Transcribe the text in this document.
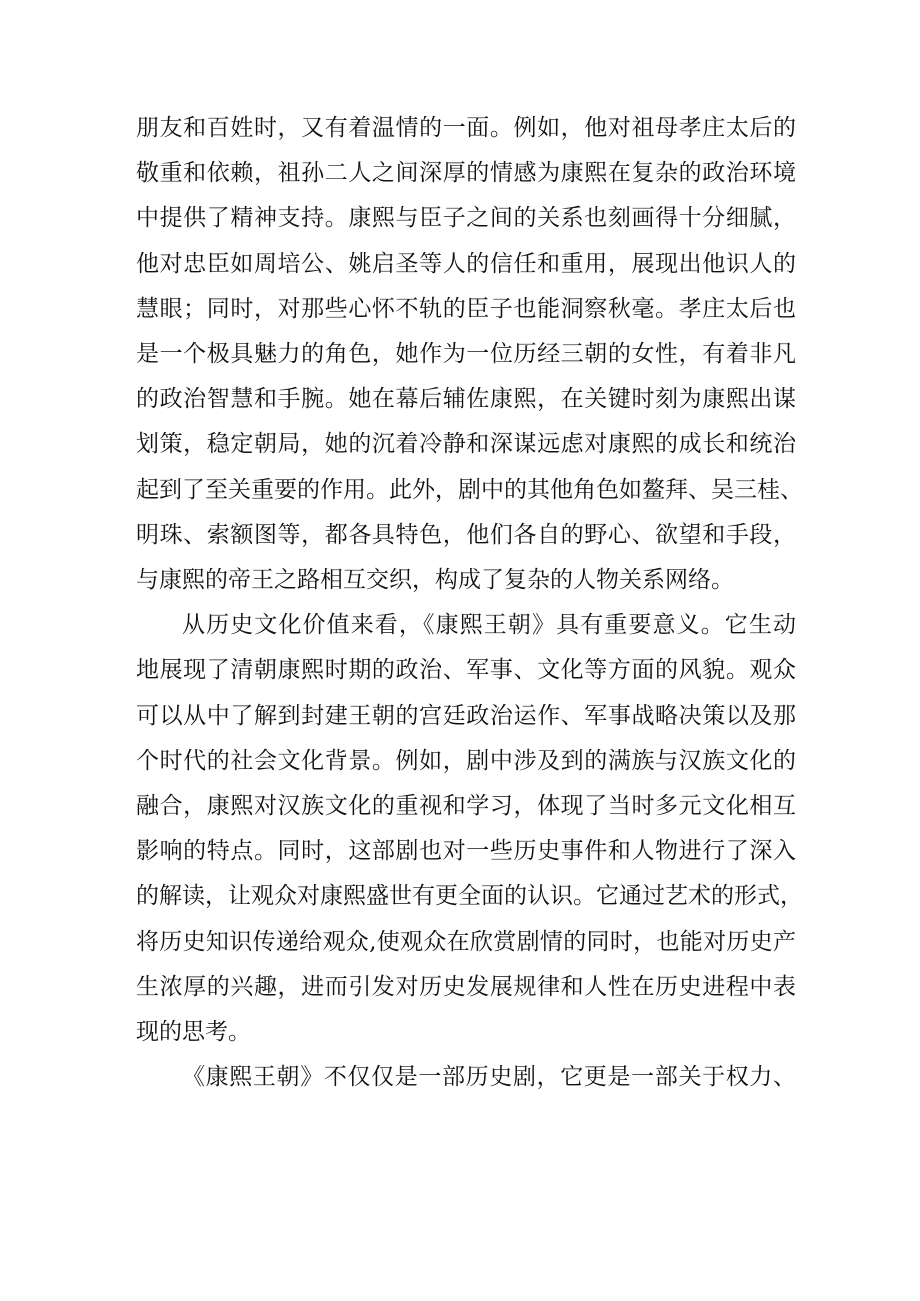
朋友和百姓时，又有着温情的一面。例如，他对祖母孝庄太后的
敬重和依赖，祖孙二人之间深厚的情感为康熙在复杂的政治环境
中提供了精神支持。康熙与臣子之间的关系也刻画得十分细腻，
他对忠臣如周培公、姚启圣等人的信任和重用，展现出他识人的
慧眼；同时，对那些心怀不轨的臣子也能洞察秋毫。孝庄太后也
是一个极具魅力的角色，她作为一位历经三朝的女性，有着非凡
的政治智慧和手腕。她在幕后辅佐康熙，在关键时刻为康熙出谋
划策，稳定朝局，她的沉着冷静和深谋远虑对康熙的成长和统治
起到了至关重要的作用。此外，剧中的其他角色如鳌拜、吴三桂、
明珠、索额图等，都各具特色，他们各自的野心、欲望和手段，
与康熙的帝王之路相互交织，构成了复杂的人物关系网络。
从历史文化价值来看，《康熙王朝》具有重要意义。它生动
地展现了清朝康熙时期的政治、军事、文化等方面的风貌。观众
可以从中了解到封建王朝的宫廷政治运作、军事战略决策以及那
个时代的社会文化背景。例如，剧中涉及到的满族与汉族文化的
融合，康熙对汉族文化的重视和学习，体现了当时多元文化相互
影响的特点。同时，这部剧也对一些历史事件和人物进行了深入
的解读，让观众对康熙盛世有更全面的认识。它通过艺术的形式，
将历史知识传递给观众,使观众在欣赏剧情的同时，也能对历史产
生浓厚的兴趣，进而引发对历史发展规律和人性在历史进程中表
现的思考。
《康熙王朝》不仅仅是一部历史剧，它更是一部关于权力、
